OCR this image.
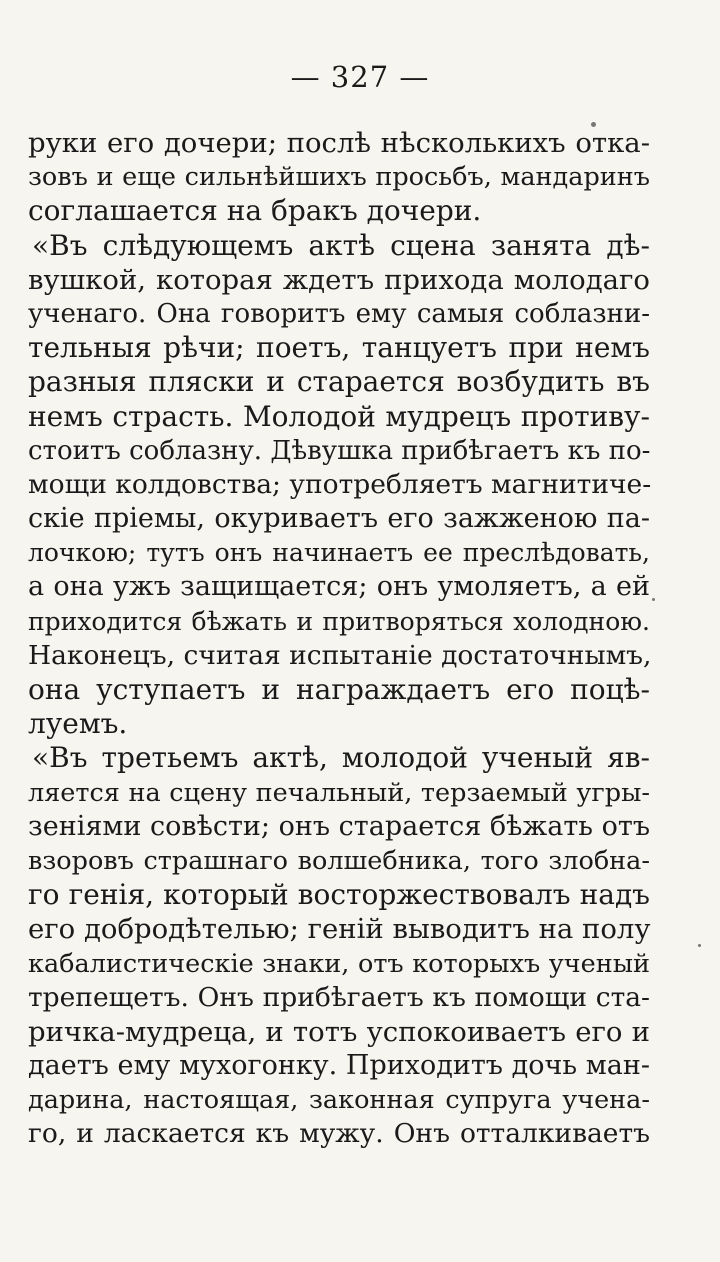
— 327 —
руки его дочери; послѣ нѣсколькихъ отка-
зовъ и еще сильнѣйшихъ просьбъ, мандаринъ
соглашается на бракъ дочери.
«Въ слѣдующемъ актѣ сцена занята дѣ-
вушкой, которая ждетъ прихода молодаго
ученаго. Она говоритъ ему самыя соблазни-
тельныя рѣчи; поетъ, танцуетъ при немъ
разныя пляски и старается возбудить въ
немъ страсть. Молодой мудрецъ противу-
стоитъ соблазну. Дѣвушка прибѣгаетъ къ по-
мощи колдовства; употребляетъ магнитиче-
скіе пріемы, окуриваетъ его зажженою па-
лочкою; тутъ онъ начинаетъ ее преслѣдовать,
а она ужъ защищается; онъ умоляетъ, а ей
приходится бѣжать и притворяться холодною.
Наконецъ, считая испытаніе достаточнымъ,
она уступаетъ и награждаетъ его поцѣ-
луемъ.
«Въ третьемъ актѣ, молодой ученый яв-
ляется на сцену печальный, терзаемый угры-
зеніями совѣсти; онъ старается бѣжать отъ
взоровъ страшнаго волшебника, того злобна-
го генія, который восторжествовалъ надъ
его добродѣтелью; геній выводитъ на полу
кабалистическіе знаки, отъ которыхъ ученый
трепещетъ. Онъ прибѣгаетъ къ помощи ста-
ричка-мудреца, и тотъ успокоиваетъ его и
даетъ ему мухогонку. Приходитъ дочь ман-
дарина, настоящая, законная супруга учена-
го, и ласкается къ мужу. Онъ отталкиваетъ
